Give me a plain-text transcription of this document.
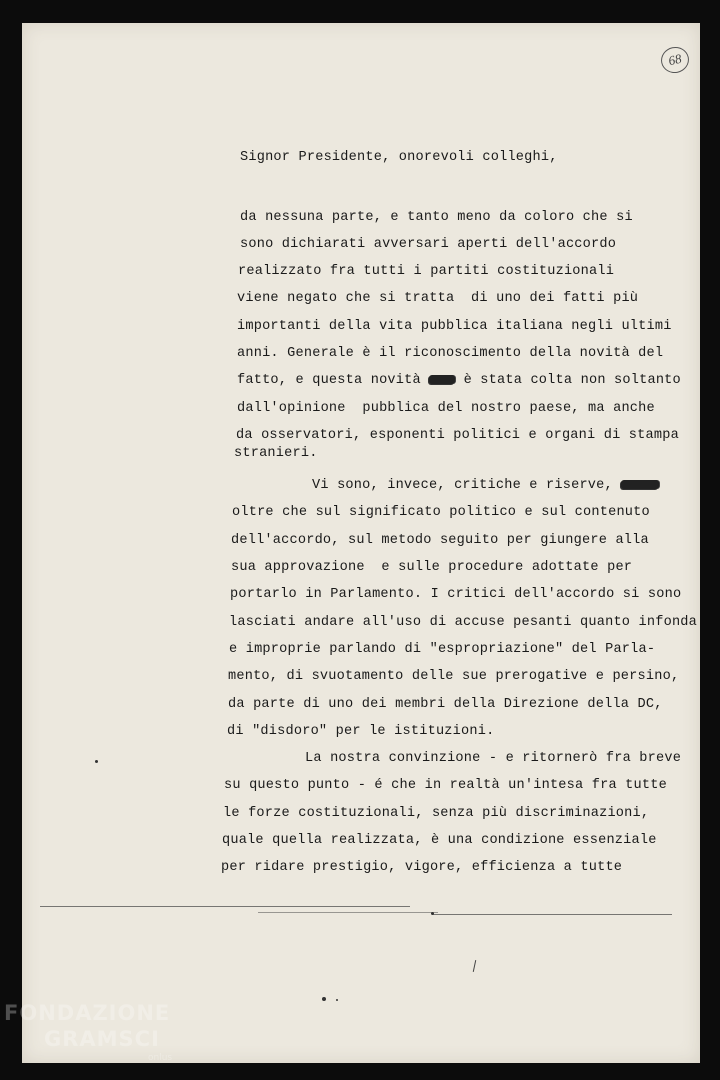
68
Signor Presidente, onorevoli colleghi,
da nessuna parte, e tanto meno da coloro che si
sono dichiarati avversari aperti dell'accordo
realizzato fra tutti i partiti costituzionali
viene negato che si tratta  di uno dei fatti più
importanti della vita pubblica italiana negli ultimi
anni. Generale è il riconoscimento della novità del
fatto, e questa novità  è stata colta non soltanto
dall'opinione  pubblica del nostro paese, ma anche
da osservatori, esponenti politici e organi di stampa
stranieri.
Vi sono, invece, critiche e riserve,
oltre che sul significato politico e sul contenuto
dell'accordo, sul metodo seguito per giungere alla
sua approvazione  e sulle procedure adottate per
portarlo in Parlamento. I critici dell'accordo si sono
lasciati andare all'uso di accuse pesanti quanto infonda
e improprie parlando di "espropriazione" del Parla-
mento, di svuotamento delle sue prerogative e persino,
da parte di uno dei membri della Direzione della DC,
di "disdoro" per le istituzioni.
La nostra convinzione - e ritornerò fra breve
su questo punto - é che in realtà un'intesa fra tutte
le forze costituzionali, senza più discriminazioni,
quale quella realizzata, è una condizione essenziale
per ridare prestigio, vigore, efficienza a tutte
FONDAZIONE
GRAMSCI
onlus
